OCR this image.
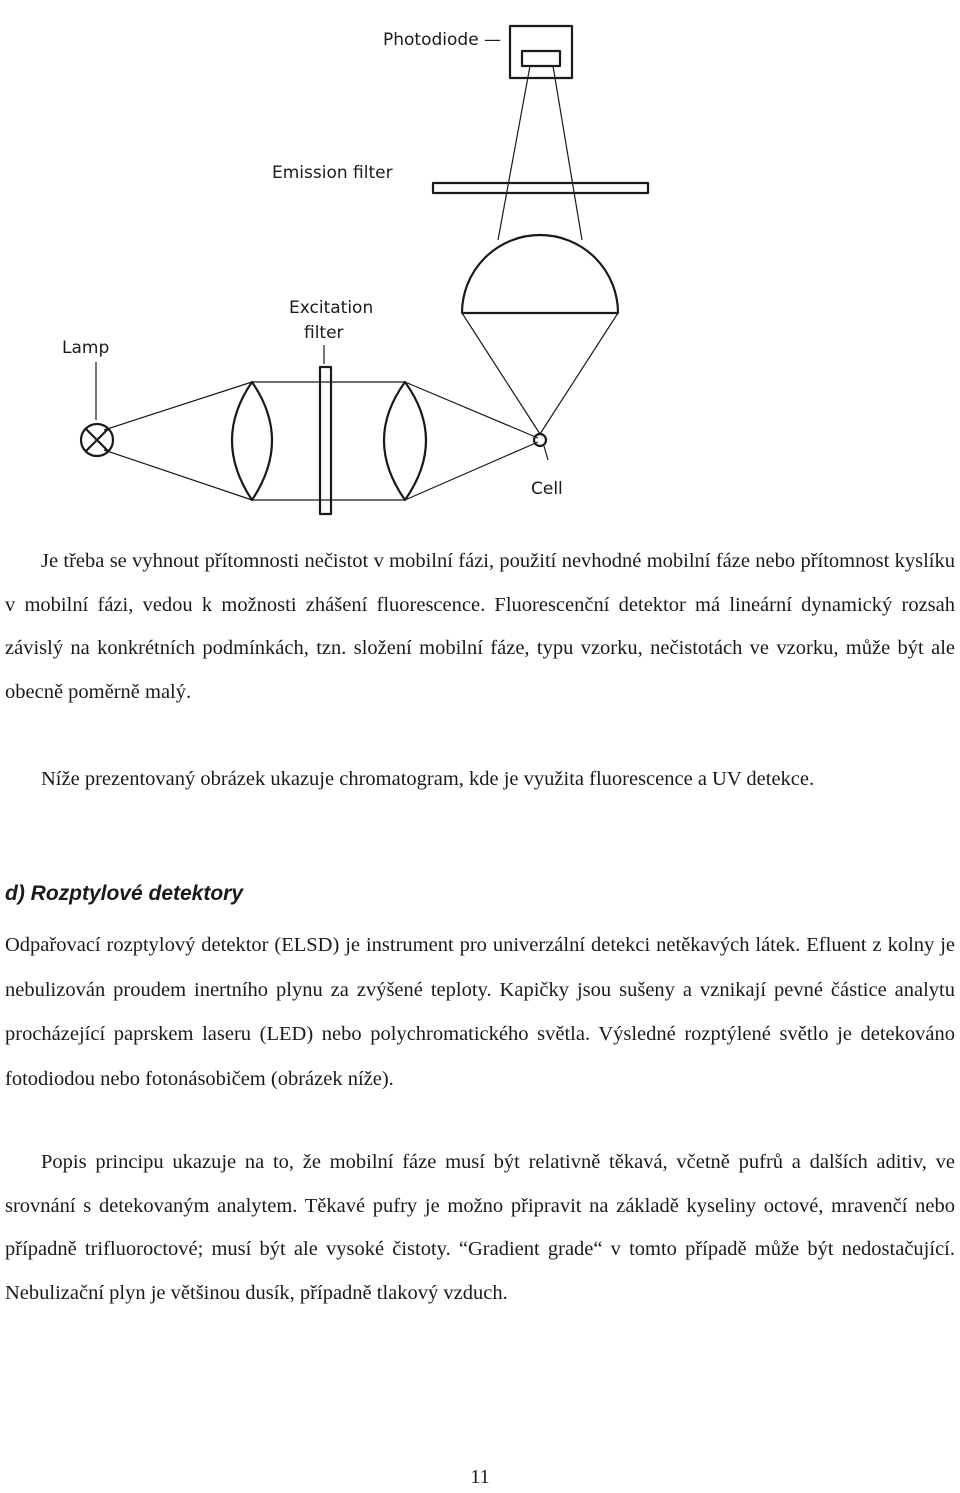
Photodiode —
Emission filter
Excitation
filter
Lamp
Cell

Je třeba se vyhnout přítomnosti nečistot v mobilní fázi, použití nevhodné mobilní fáze nebo přítomnost kyslíku v mobilní fázi, vedou k možnosti zhášení fluorescence. Fluorescenční detektor má lineární dynamický rozsah závislý na konkrétních podmínkách, tzn. složení mobilní fáze, typu vzorku, nečistotách ve vzorku, může být ale obecně poměrně malý.

Níže prezentovaný obrázek ukazuje chromatogram, kde je využita fluorescence a UV detekce.

d) Rozptylové detektory

Odpařovací rozptylový detektor (ELSD) je instrument pro univerzální detekci netěkavých látek. Efluent z kolny je nebulizován proudem inertního plynu za zvýšené teploty. Kapičky jsou sušeny a vznikají pevné částice analytu procházející paprskem laseru (LED) nebo polychromatického světla. Výsledné rozptýlené světlo je detekováno fotodiodou nebo fotonásobičem (obrázek níže).

Popis principu ukazuje na to, že mobilní fáze musí být relativně těkavá, včetně pufrů a dalších aditiv, ve srovnání s detekovaným analytem. Těkavé pufry je možno připravit na základě kyseliny octové, mravenčí nebo případně trifluoroctové; musí být ale vysoké čistoty. “Gradient grade“ v tomto případě může být nedostačující. Nebulizační plyn je většinou dusík, případně tlakový vzduch.

11
